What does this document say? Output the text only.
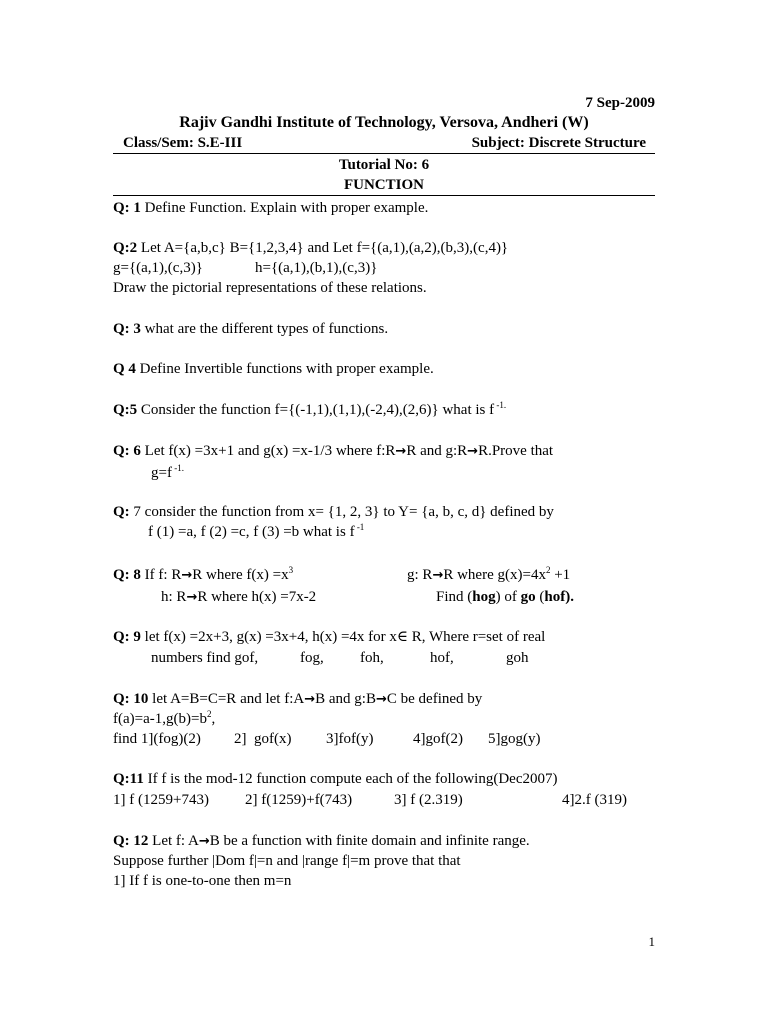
7 Sep-2009
Rajiv Gandhi Institute of Technology, Versova, Andheri (W)
Class/Sem: S.E-III	Subject: Discrete Structure
Tutorial No: 6
FUNCTION
Q: 1 Define Function. Explain with proper example.
Q:2 Let A={a,b,c} B={1,2,3,4} and Let f={(a,1),(a,2),(b,3),(c,4)}
g={(a,1),(c,3)}	h={(a,1),(b,1),(c,3)}
Draw the pictorial representations of these relations.
Q: 3 what are the different types of functions.
Q 4 Define Invertible functions with proper example.
Q:5 Consider the function f={(-1,1),(1,1),(-2,4),(2,6)} what is f $^{-1.}$
Q: 6 Let f(x) =3x+1 and g(x) =x-1/3 where f:R→R and g:R→R.Prove that
g=f $^{-1.}$
Q: 7 consider the function from x= {1, 2, 3} to Y= {a, b, c, d} defined by
f (1) =a, f (2) =c, f (3) =b what is f $^{-1}$
Q: 8 If f: R→R where $f(x) =x^3$	g: R→R where $g(x)=4x^2 +1$
h: R→R where h(x) =7x-2	Find (hog) of go (hof).
Q: 9 let f(x) =2x+3, g(x) =3x+4, h(x) =4x for x∈ R, Where r=set of real
numbers find gof,	fog, foh,	hof,	goh
Q: 10 let A=B=C=R and let f:A→B and g:B→C be defined by
$f(a)=a-1,g(b)=b^2$,
find 1](fog)(2) 2]  gof(x) 3]fof(y)	4]gof(2) 5]gog(y)
Q:11 If f is the mod-12 function compute each of the following(Dec2007)
1] f (1259+743) 2] f(1259)+f(743)	3] f (2.319)	4]2.f (319)
Q: 12 Let f: A→B be a function with finite domain and infinite range.
Suppose further |Dom f|=n and |range f|=m prove that that
1] If f is one-to-one then m=n
1
